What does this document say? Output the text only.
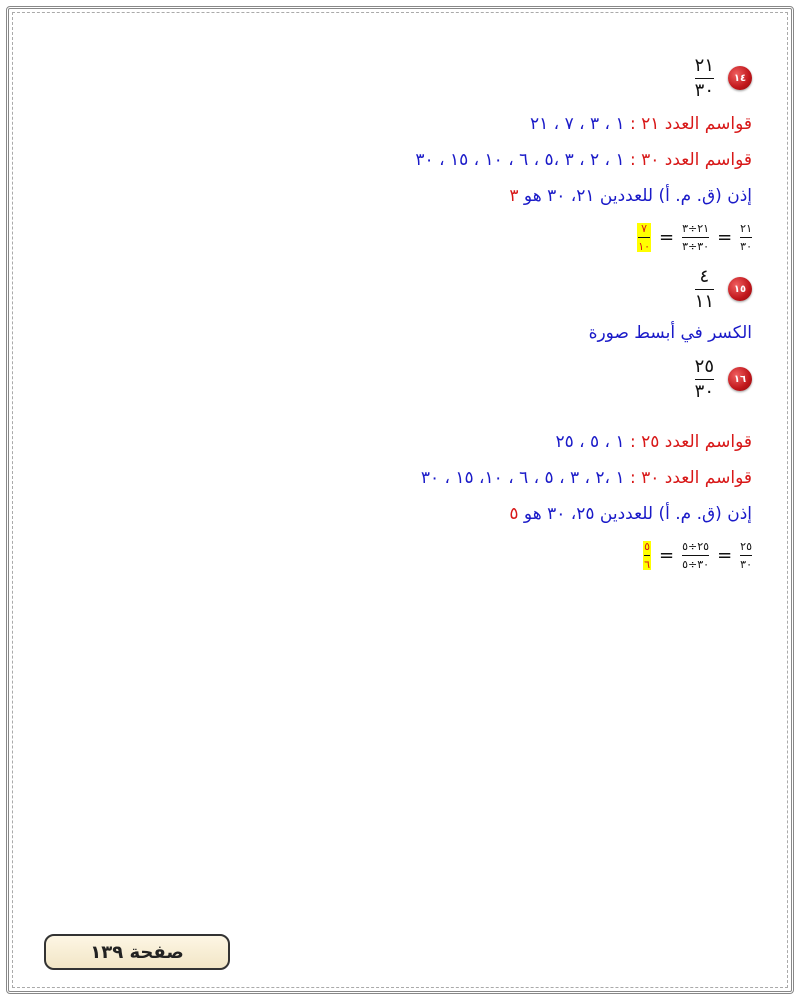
١٤
$\frac{٢١}{٣٠}$

قواسم العدد ٢١ : ١ ، ٣ ، ٧ ، ٢١

قواسم العدد ٣٠ : ١ ، ٢ ، ٣ ،٥ ، ٦ ، ١٠ ، ١٥ ، ٣٠

إذن (ق. م. أ) للعددين ٢١، ٣٠ هو ٣

$\frac{٢١}{٣٠}$
=
$\frac{٢١\div ٣}{٣٠\div ٣}$
=
$\frac{٧}{١٠}$
١٥
$\frac{٤}{١١}$

الكسر في أبسط صورة

١٦
$\frac{٢٥}{٣٠}$

قواسم العدد ٢٥ : ١ ، ٥ ، ٢٥

قواسم العدد ٣٠ : ١ ،٢ ، ٣ ، ٥ ، ٦ ، ١٠، ١٥ ، ٣٠

إذن (ق. م. أ) للعددين ٢٥، ٣٠ هو ٥

$\frac{٢٥}{٣٠}$
=
$\frac{٢٥\div ٥}{٣٠\div ٥}$
=
$\frac{٥}{٦}$
صفحة ١٣٩
